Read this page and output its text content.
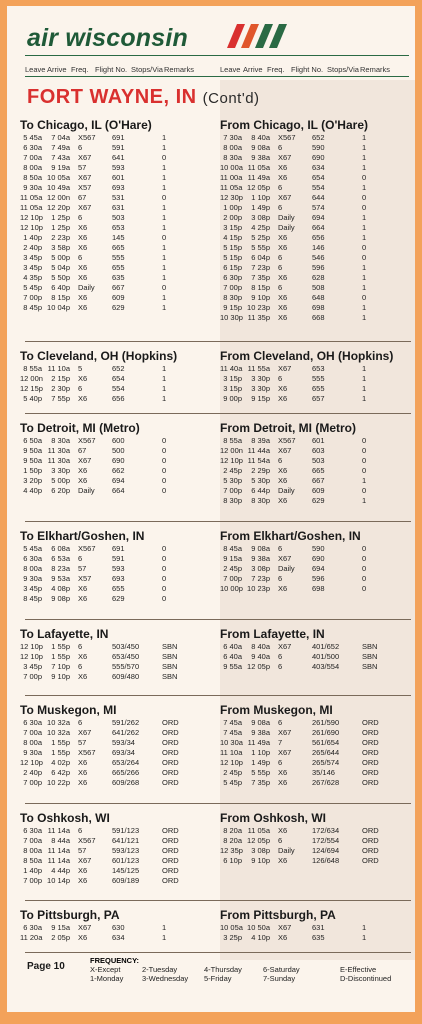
air wisconsin
Leave Arrive Freq. Flight No. Stops/Via Remarks	Leave Arrive Freq. Flight No. Stops/Via Remarks
FORT WAYNE, IN (Cont'd)
To Chicago, IL (O'Hare)
5 45a	7 04a X567 691	1
6 30a	7 49a 6	591	1
7 00a	7 43a X67	641	0
8 00a	9 19a 57	593	1
8 50a 10 05a X67	601	1
9 30a 10 49a X57	693	1
11 05a 12 00n 67	531	0
11 05a 12 20p X67	631	1
12 10p	1 25p 6	503	1
12 10p	1 25p X6	653	1
1 40p	2 23p X6	145	0
2 40p	3 58p X6	665	1
3 45p	5 00p 6	555	1
3 45p	5 04p X6	655	1
4 35p	5 50p X6	635	1
5 45p	6 40p Daily 667	0
7 00p	8 15p X6	609	1
8 45p 10 04p X6	629	1
From Chicago, IL (O'Hare)
7 30a	8 40a X567 652	1
8 00a	9 08a 6	590	1
8 30a	9 38a X67	690	1
10 00a 11 05a X6	634	1
11 00a 11 49a X6	654	0
11 05a 12 05p 6	554	1
12 30p	1 10p X67	644	0
1 00p	1 49p 6	574	0
2 00p	3 08p Daily 694	1
3 15p	4 25p Daily 664	1
4 15p	5 25p X6	656	1
5 15p	5 55p X6	146	0
5 15p	6 04p 6	546	0
6 15p	7 23p 6	596	1
6 30p	7 35p X6	628	1
7 00p	8 15p 6	508	1
8 30p	9 10p X6	648	0
9 15p 10 23p X6	698	1
10 30p 11 35p X6	668	1
To Cleveland, OH (Hopkins)
8 55a 11 10a 5	652	1
12 00n	2 15p X6	654	1
12 15p	2 30p 6	554	1
5 40p	7 55p X6	656	1
From Cleveland, OH (Hopkins)
11 40a 11 55a X67	653	1
3 15p	3 30p 6	555	1
3 15p	3 30p X6	655	1
9 00p	9 15p X6	657	1
To Detroit, MI (Metro)
6 50a	8 30a X567 600	0
9 50a 11 30a 67	500	0
9 50a 11 30a X67	690	0
1 50p	3 30p X6	662	0
3 20p	5 00p X6	694	0
4 40p	6 20p Daily 664	0
From Detroit, MI (Metro)
8 55a	8 39a X567 601	0
12 00n 11 44a X67	603	0
12 10p 11 54a 6	503	0
2 45p	2 29p X6	665	0
5 30p	5 30p X6	667	1
7 00p	6 44p Daily 609	0
8 30p	8 30p X6	629	1
To Elkhart/Goshen, IN
5 45a	6 08a X567 691	0
6 30a	6 53a 6	591	0
8 00a	8 23a 57	593	0
9 30a	9 53a X57	693	0
3 45p	4 08p X6	655	0
8 45p	9 08p X6	629	0
From Elkhart/Goshen, IN
8 45a	9 08a 6	590	0
9 15a	9 38a X67	690	0
2 45p	3 08p Daily 694	0
7 00p	7 23p 6	596	0
10 00p 10 23p X6	698	0
To Lafayette, IN
12 10p	1 55p 6	503/450	SBN
12 10p	1 55p X6	653/450	SBN
3 45p	7 10p 6	555/570	SBN
7 00p	9 10p X6	609/480	SBN
From Lafayette, IN
6 40a	8 40a X67	401/652	SBN
6 40a	9 40a 6	401/500	SBN
9 55a 12 05p 6	403/554	SBN
To Muskegon, MI
6 30a 10 32a 6	591/262	ORD
7 00a 10 32a X67	641/262	ORD
8 00a	1 55p 57	593/34	ORD
9 30a	1 55p X567 693/34	ORD
12 10p	4 02p X6	653/264	ORD
2 40p	6 42p X6	665/266	ORD
7 00p 10 22p X6	609/268	ORD
From Muskegon, MI
7 45a	9 08a 6	261/590	ORD
7 45a	9 38a X67	261/690	ORD
10 30a 11 49a 7	561/654	ORD
11 10a	1 10p X67	265/644	ORD
12 10p	1 49p 6	265/574	ORD
2 45p	5 55p X6	35/146	ORD
5 45p	7 35p X6	267/628	ORD
To Oshkosh, WI
6 30a 11 14a 6	591/123	ORD
7 00a	8 44a X567 641/121	ORD
8 00a 11 14a 57	593/123	ORD
8 50a 11 14a X67	601/123	ORD
1 40p	4 44p X6	145/125	ORD
7 00p 10 14p X6	609/189	ORD
From Oshkosh, WI
8 20a 11 05a X6	172/634	ORD
8 20a 12 05p 6	172/554	ORD
12 35p	3 08p Daily 124/694	ORD
6 10p	9 10p X6	126/648	ORD
To Pittsburgh, PA
6 30a	9 15a X67	630	1
11 20a	2 05p X6	634	1
From Pittsburgh, PA
10 05a 10 50a X67	631	1
3 25p	4 10p X6	635	1
Page 10
FREQUENCY:
X-Except
1-Monday
2-Tuesday
3-Wednesday
4-Thursday
5-Friday
6-Saturday
7-Sunday
E-Effective
D-Discontinued
